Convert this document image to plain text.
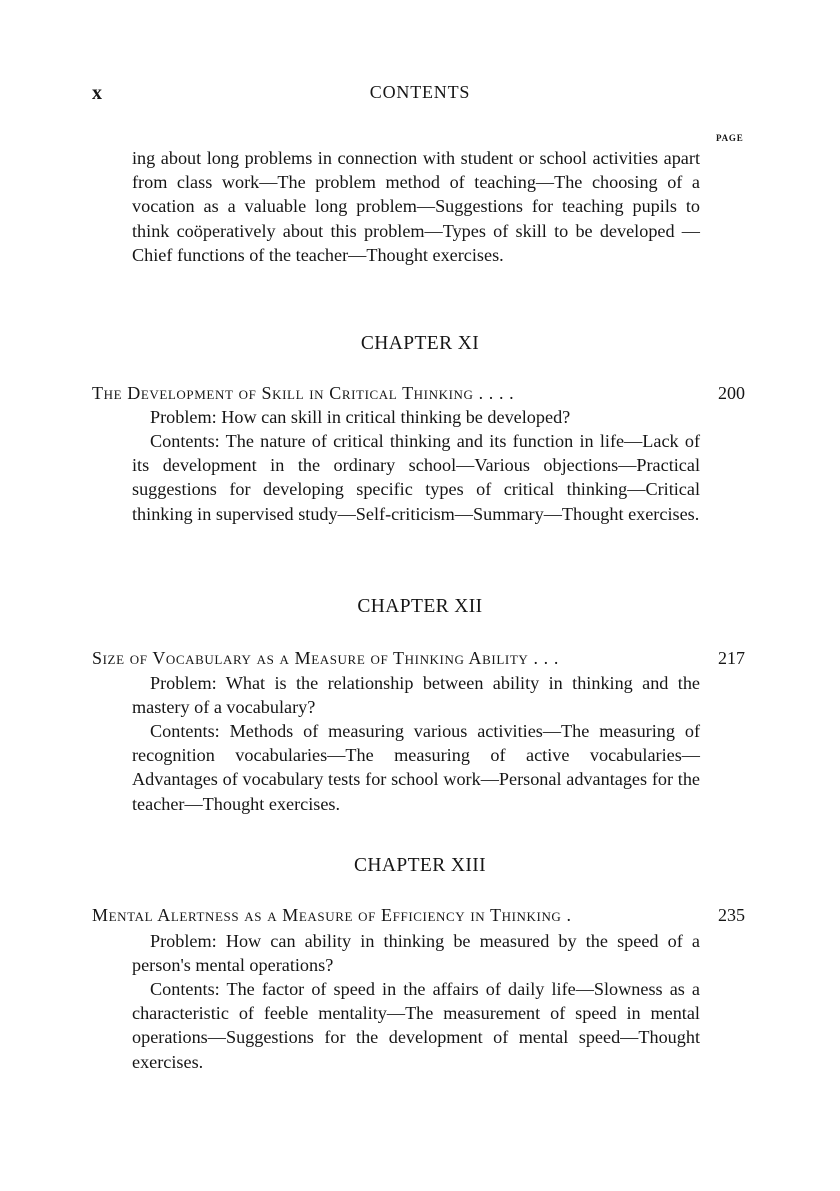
x	CONTENTS
PAGE

ing about long problems in connection with student or school activities apart from class work—The problem method of teaching—The choosing of a vocation as a valuable long problem—Suggestions for teaching pupils to think coöperatively about this problem—Types of skill to be developed —Chief functions of the teacher—Thought exercises.

CHAPTER XI
The Development of Skill in Critical Thinking . . . .	200

Problem: How can skill in critical thinking be developed?

Contents: The nature of critical thinking and its function in life—Lack of its development in the ordinary school—Various objections—Practical suggestions for developing specific types of critical thinking—Critical thinking in supervised study—Self-criticism—Summary—Thought exercises.

CHAPTER XII
Size of Vocabulary as a Measure of Thinking Ability . . .	217

Problem: What is the relationship between ability in thinking and the mastery of a vocabulary?

Contents: Methods of measuring various activities—The measuring of recognition vocabularies—The measuring of active vocabularies—Advantages of vocabulary tests for school work—Personal advantages for the teacher—Thought exercises.

CHAPTER XIII
Mental Alertness as a Measure of Efficiency in Thinking .	235

Problem: How can ability in thinking be measured by the speed of a person's mental operations?

Contents: The factor of speed in the affairs of daily life—Slowness as a characteristic of feeble mentality—The measurement of speed in mental operations—Suggestions for the development of mental speed—Thought exercises.
